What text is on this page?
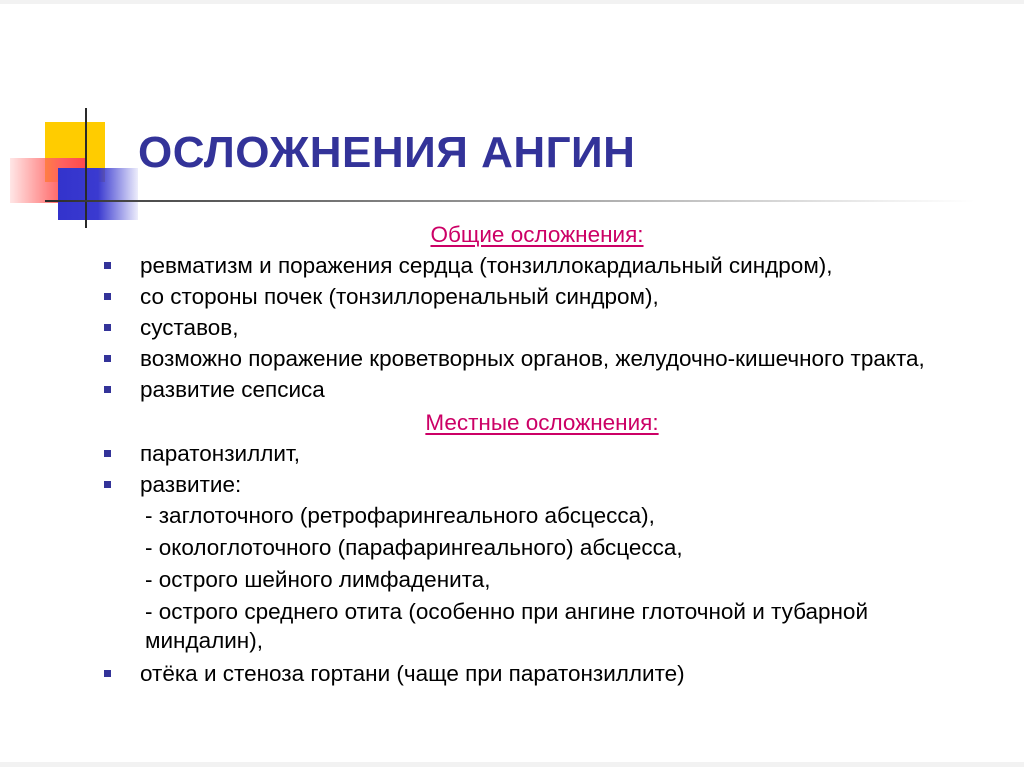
ОСЛОЖНЕНИЯ АНГИН
Общие осложнения:
ревматизм и поражения сердца (тонзиллокардиальный синдром),
со стороны почек (тонзиллоренальный синдром),
суставов,
возможно поражение кроветворных органов, желудочно-кишечного тракта,
развитие сепсиса
Местные осложнения:
паратонзиллит,
развитие:
- заглоточного (ретрофарингеального абсцесса),
- окологлоточного (парафарингеального) абсцесса,
- острого шейного лимфаденита,
- острого среднего отита (особенно при ангине глоточной и тубарной миндалин),
отёка и стеноза гортани (чаще при паратонзиллите)
